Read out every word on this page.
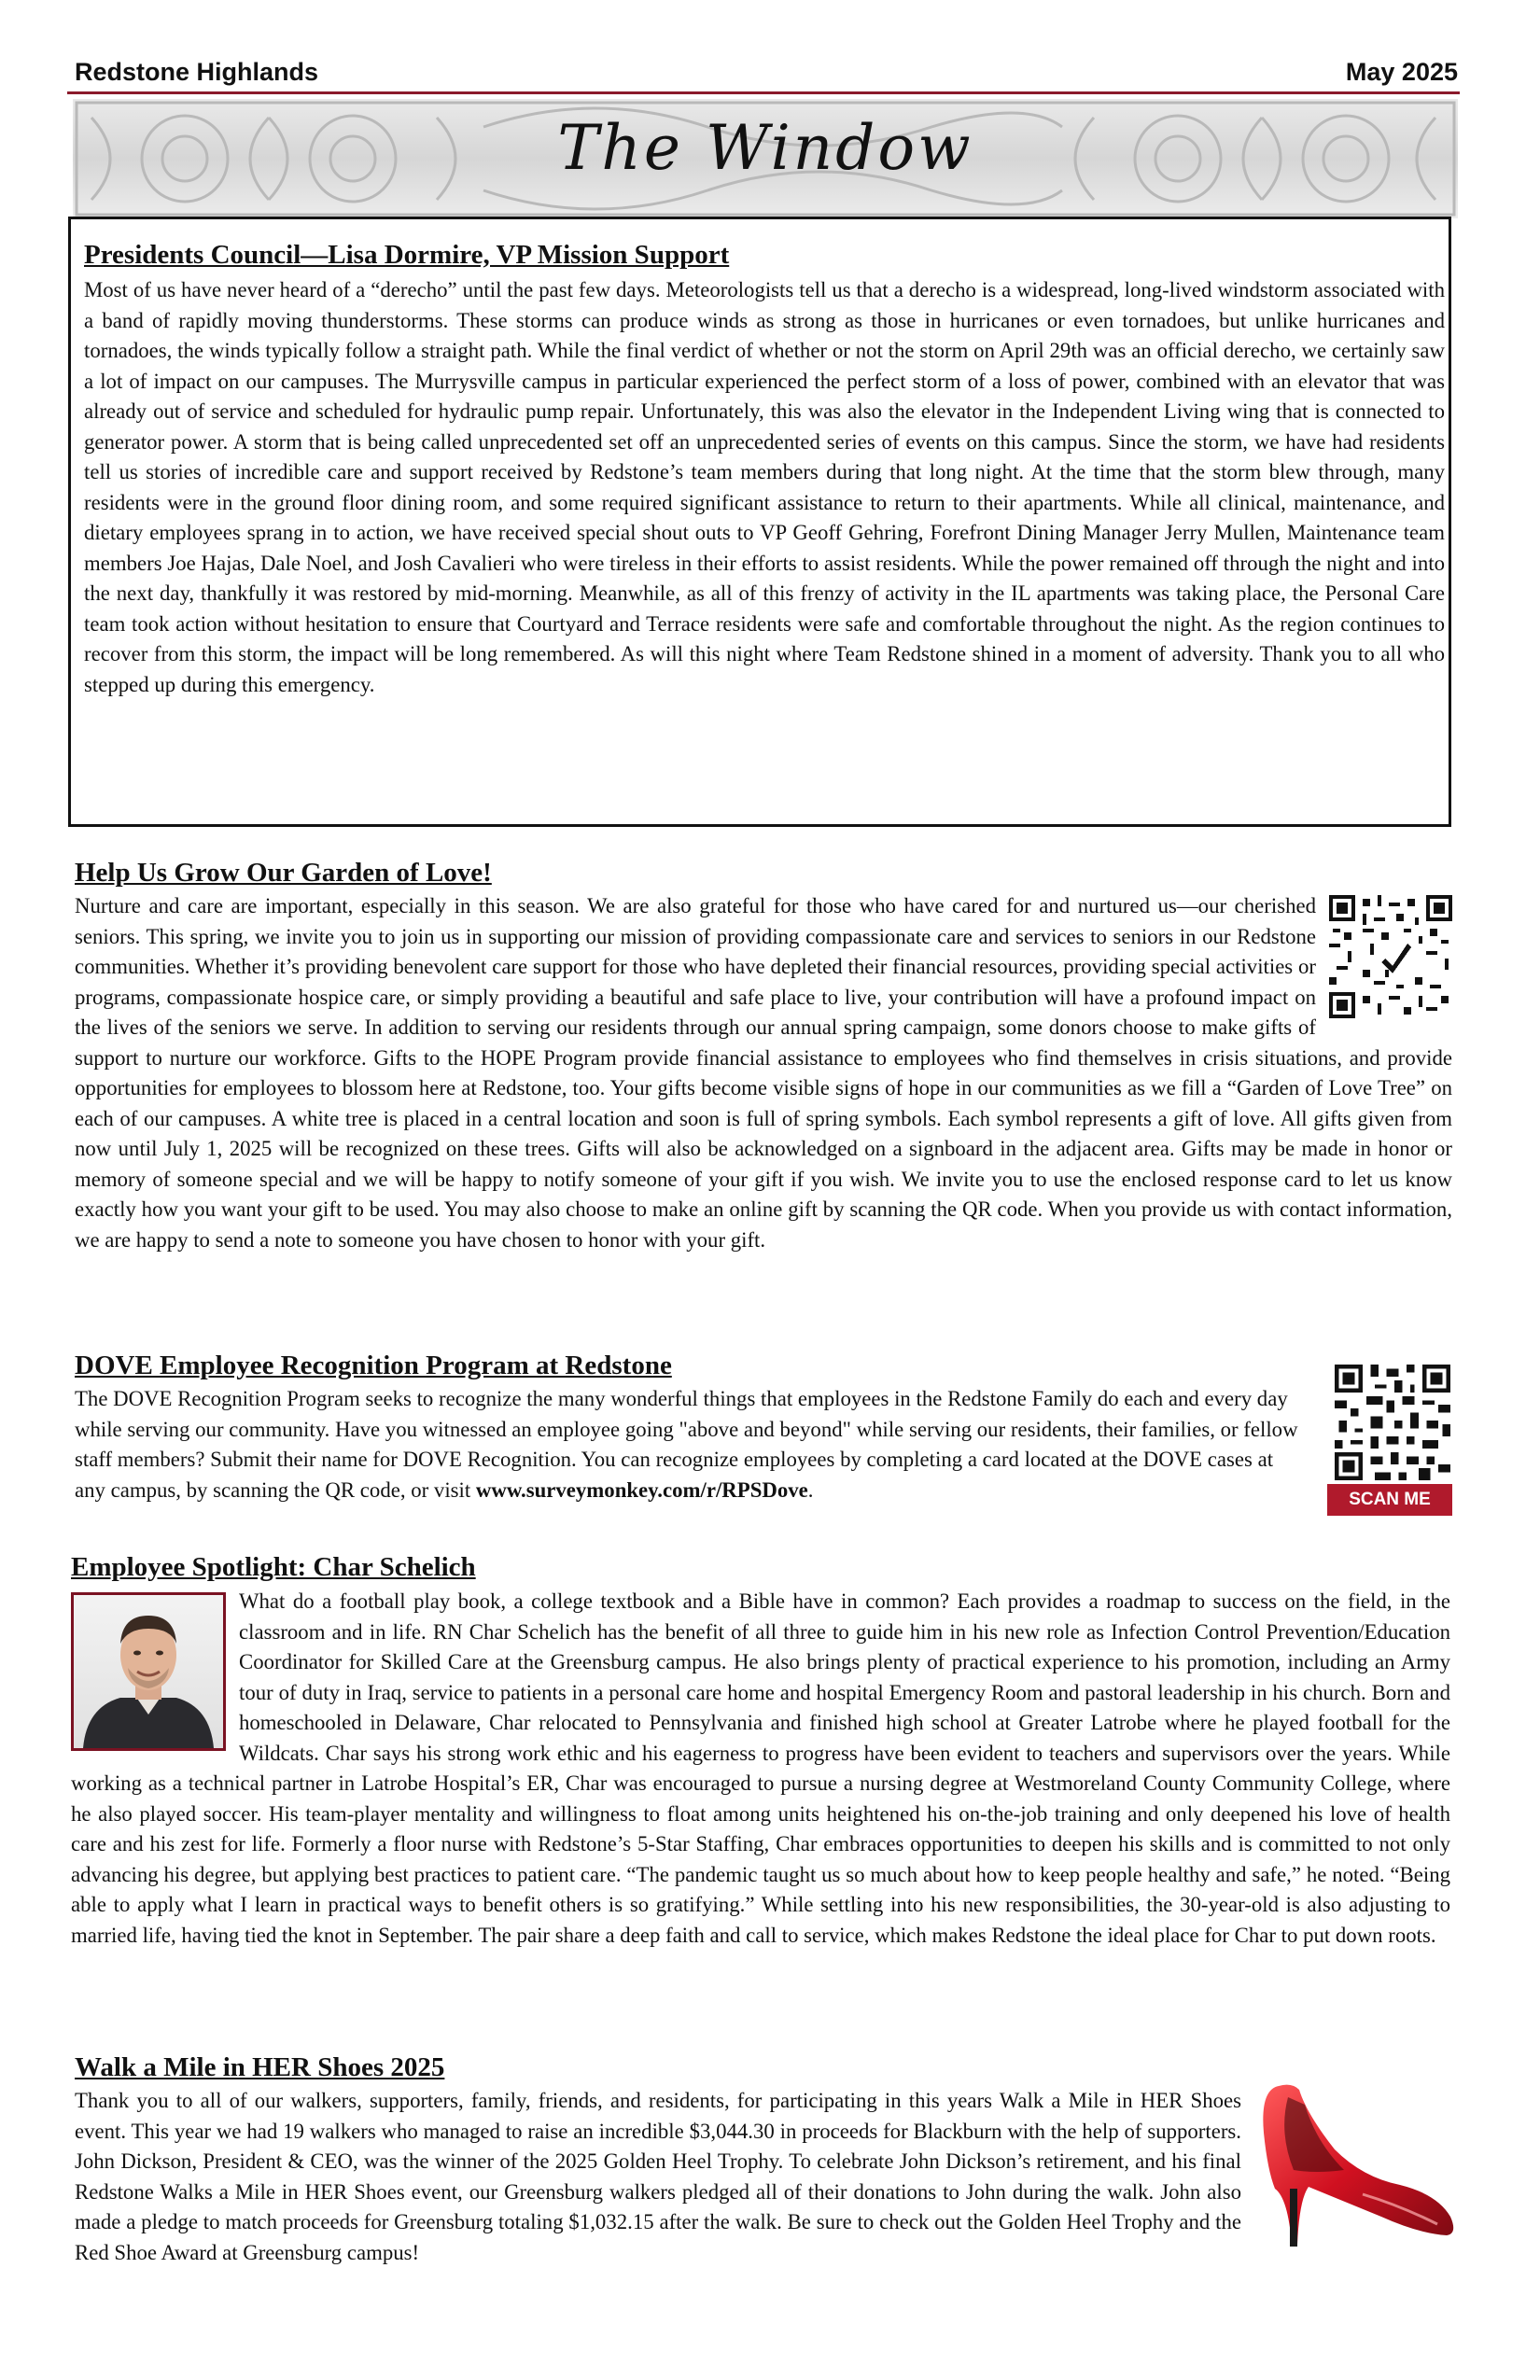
Redstone Highlands	May 2025
The Window
Presidents Council—Lisa Dormire, VP Mission Support
Most of us have never heard of a “derecho” until the past few days. Meteorologists tell us that a derecho is a widespread, long-lived windstorm associated with a band of rapidly moving thunderstorms. These storms can produce winds as strong as those in hurricanes or even tornadoes, but unlike hurricanes and tornadoes, the winds typically follow a straight path. While the final verdict of whether or not the storm on April 29th was an official derecho, we certainly saw a lot of impact on our campuses. The Murrysville campus in particular experienced the perfect storm of a loss of power, combined with an elevator that was already out of service and scheduled for hydraulic pump repair. Unfortunately, this was also the elevator in the Independent Living wing that is connected to generator power. A storm that is being called unprecedented set off an unprecedented series of events on this campus. Since the storm, we have had residents tell us stories of incredible care and support received by Redstone’s team members during that long night. At the time that the storm blew through, many residents were in the ground floor dining room, and some required significant assistance to return to their apartments. While all clinical, maintenance, and dietary employees sprang in to action, we have received special shout outs to VP Geoff Gehring, Forefront Dining Manager Jerry Mullen, Maintenance team members Joe Hajas, Dale Noel, and Josh Cavalieri who were tireless in their efforts to assist residents. While the power remained off through the night and into the next day, thankfully it was restored by mid-morning. Meanwhile, as all of this frenzy of activity in the IL apartments was taking place, the Personal Care team took action without hesitation to ensure that Courtyard and Terrace residents were safe and comfortable throughout the night. As the region continues to recover from this storm, the impact will be long remembered. As will this night where Team Redstone shined in a moment of adversity. Thank you to all who stepped up during this emergency.
Help Us Grow Our Garden of Love!
Nurture and care are important, especially in this season. We are also grateful for those who have cared for and nurtured us—our cherished seniors. This spring, we invite you to join us in supporting our mission of providing compassionate care and services to seniors in our Redstone communities. Whether it’s providing benevolent care support for those who have depleted their financial resources, providing special activities or programs, compassionate hospice care, or simply providing a beautiful and safe place to live, your contribution will have a profound impact on the lives of the seniors we serve. In addition to serving our residents through our annual spring campaign, some donors choose to make gifts of support to nurture our workforce. Gifts to the HOPE Program provide financial assistance to employees who find themselves in crisis situations, and provide opportunities for employees to blossom here at Redstone, too. Your gifts become visible signs of hope in our communities as we fill a “Garden of Love Tree” on each of our campuses. A white tree is placed in a central location and soon is full of spring symbols. Each symbol represents a gift of love. All gifts given from now until July 1, 2025 will be recognized on these trees. Gifts will also be acknowledged on a signboard in the adjacent area. Gifts may be made in honor or memory of someone special and we will be happy to notify someone of your gift if you wish. We invite you to use the enclosed response card to let us know exactly how you want your gift to be used. You may also choose to make an online gift by scanning the QR code. When you provide us with contact information, we are happy to send a note to someone you have chosen to honor with your gift.
DOVE Employee Recognition Program at Redstone
The DOVE Recognition Program seeks to recognize the many wonderful things that employees in the Redstone Family do each and every day while serving our community. Have you witnessed an employee going "above and beyond" while serving our residents, their families, or fellow staff members? Submit their name for DOVE Recognition. You can recognize employees by completing a card located at the DOVE cases at any campus, by scanning the QR code, or visit www.surveymonkey.com/r/RPSDove.	SCAN ME
Employee Spotlight: Char Schelich
What do a football play book, a college textbook and a Bible have in common? Each provides a roadmap to success on the field, in the classroom and in life. RN Char Schelich has the benefit of all three to guide him in his new role as Infection Control Prevention/Education Coordinator for Skilled Care at the Greensburg campus. He also brings plenty of practical experience to his promotion, including an Army tour of duty in Iraq, service to patients in a personal care home and hospital Emergency Room and pastoral leadership in his church. Born and homeschooled in Delaware, Char relocated to Pennsylvania and finished high school at Greater Latrobe where he played football for the Wildcats. Char says his strong work ethic and his eagerness to progress have been evident to teachers and supervisors over the years. While working as a technical partner in Latrobe Hospital’s ER, Char was encouraged to pursue a nursing degree at Westmoreland County Community College, where he also played soccer. His team-player mentality and willingness to float among units heightened his on-the-job training and only deepened his love of health care and his zest for life. Formerly a floor nurse with Redstone’s 5-Star Staffing, Char embraces opportunities to deepen his skills and is committed to not only advancing his degree, but applying best practices to patient care. “The pandemic taught us so much about how to keep people healthy and safe,” he noted. “Being able to apply what I learn in practical ways to benefit others is so gratifying.” While settling into his new responsibilities, the 30-year-old is also adjusting to married life, having tied the knot in September. The pair share a deep faith and call to service, which makes Redstone the ideal place for Char to put down roots.
Walk a Mile in HER Shoes 2025
Thank you to all of our walkers, supporters, family, friends, and residents, for participating in this years Walk a Mile in HER Shoes event. This year we had 19 walkers who managed to raise an incredible $3,044.30 in proceeds for Blackburn with the help of supporters. John Dickson, President & CEO, was the winner of the 2025 Golden Heel Trophy. To celebrate John Dickson’s retirement, and his final Redstone Walks a Mile in HER Shoes event, our Greensburg walkers pledged all of their donations to John during the walk. John also made a pledge to match proceeds for Greensburg totaling $1,032.15 after the walk. Be sure to check out the Golden Heel Trophy and the Red Shoe Award at Greensburg campus!
